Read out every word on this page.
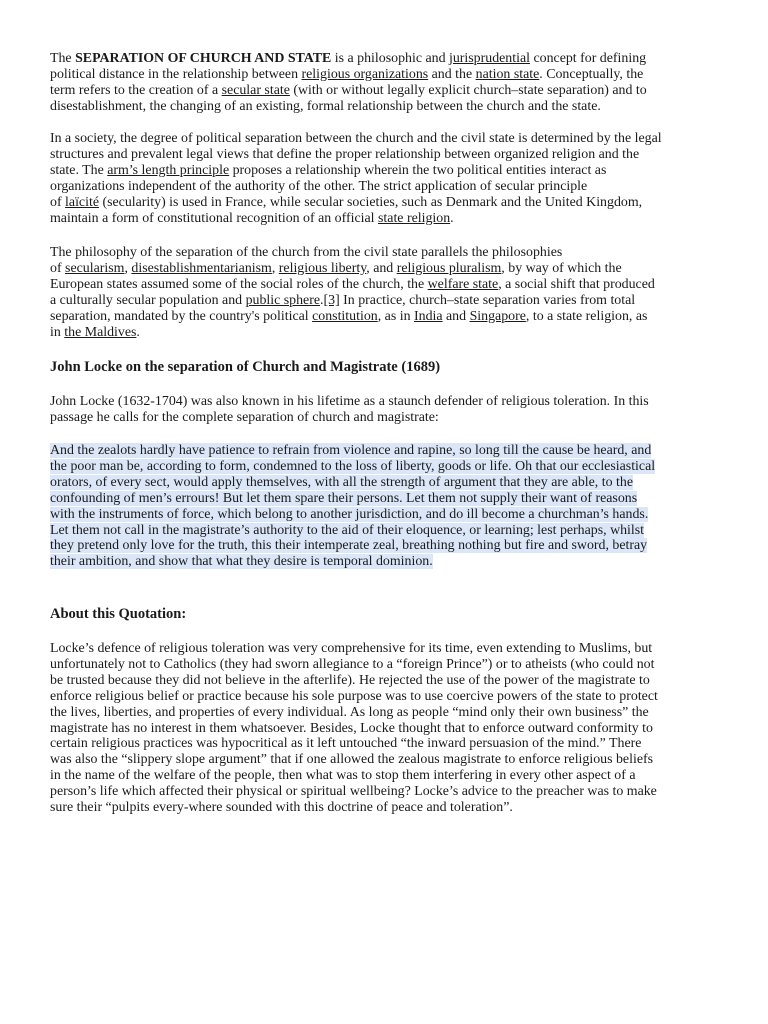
The SEPARATION OF CHURCH AND STATE is a philosophic and jurisprudential concept for defining
political distance in the relationship between religious organizations and the nation state. Conceptually, the
term refers to the creation of a secular state (with or without legally explicit church–state separation) and to
disestablishment, the changing of an existing, formal relationship between the church and the state.

In a society, the degree of political separation between the church and the civil state is determined by the legal
structures and prevalent legal views that define the proper relationship between organized religion and the
state. The arm’s length principle proposes a relationship wherein the two political entities interact as
organizations independent of the authority of the other. The strict application of secular principle
of laïcité (secularity) is used in France, while secular societies, such as Denmark and the United Kingdom,
maintain a form of constitutional recognition of an official state religion.

The philosophy of the separation of the church from the civil state parallels the philosophies
of secularism, disestablishmentarianism, religious liberty, and religious pluralism, by way of which the
European states assumed some of the social roles of the church, the welfare state, a social shift that produced
a culturally secular population and public sphere.[3] In practice, church–state separation varies from total
separation, mandated by the country's political constitution, as in India and Singapore, to a state religion, as
in the Maldives.

John Locke on the separation of Church and Magistrate (1689)

John Locke (1632-1704) was also known in his lifetime as a staunch defender of religious toleration. In this
passage he calls for the complete separation of church and magistrate:

And the zealots hardly have patience to refrain from violence and rapine, so long till the cause be heard, and
the poor man be, according to form, condemned to the loss of liberty, goods or life. Oh that our ecclesiastical
orators, of every sect, would apply themselves, with all the strength of argument that they are able, to the
confounding of men’s errours! But let them spare their persons. Let them not supply their want of reasons
with the instruments of force, which belong to another jurisdiction, and do ill become a churchman’s hands.
Let them not call in the magistrate’s authority to the aid of their eloquence, or learning; lest perhaps, whilst
they pretend only love for the truth, this their intemperate zeal, breathing nothing but fire and sword, betray
their ambition, and show that what they desire is temporal dominion.

About this Quotation:

Locke’s defence of religious toleration was very comprehensive for its time, even extending to Muslims, but
unfortunately not to Catholics (they had sworn allegiance to a “foreign Prince”) or to atheists (who could not
be trusted because they did not believe in the afterlife). He rejected the use of the power of the magistrate to
enforce religious belief or practice because his sole purpose was to use coercive powers of the state to protect
the lives, liberties, and properties of every individual. As long as people “mind only their own business” the
magistrate has no interest in them whatsoever. Besides, Locke thought that to enforce outward conformity to
certain religious practices was hypocritical as it left untouched “the inward persuasion of the mind.” There
was also the “slippery slope argument” that if one allowed the zealous magistrate to enforce religious beliefs
in the name of the welfare of the people, then what was to stop them interfering in every other aspect of a
person’s life which affected their physical or spiritual wellbeing? Locke’s advice to the preacher was to make
sure their “pulpits every-where sounded with this doctrine of peace and toleration”.
